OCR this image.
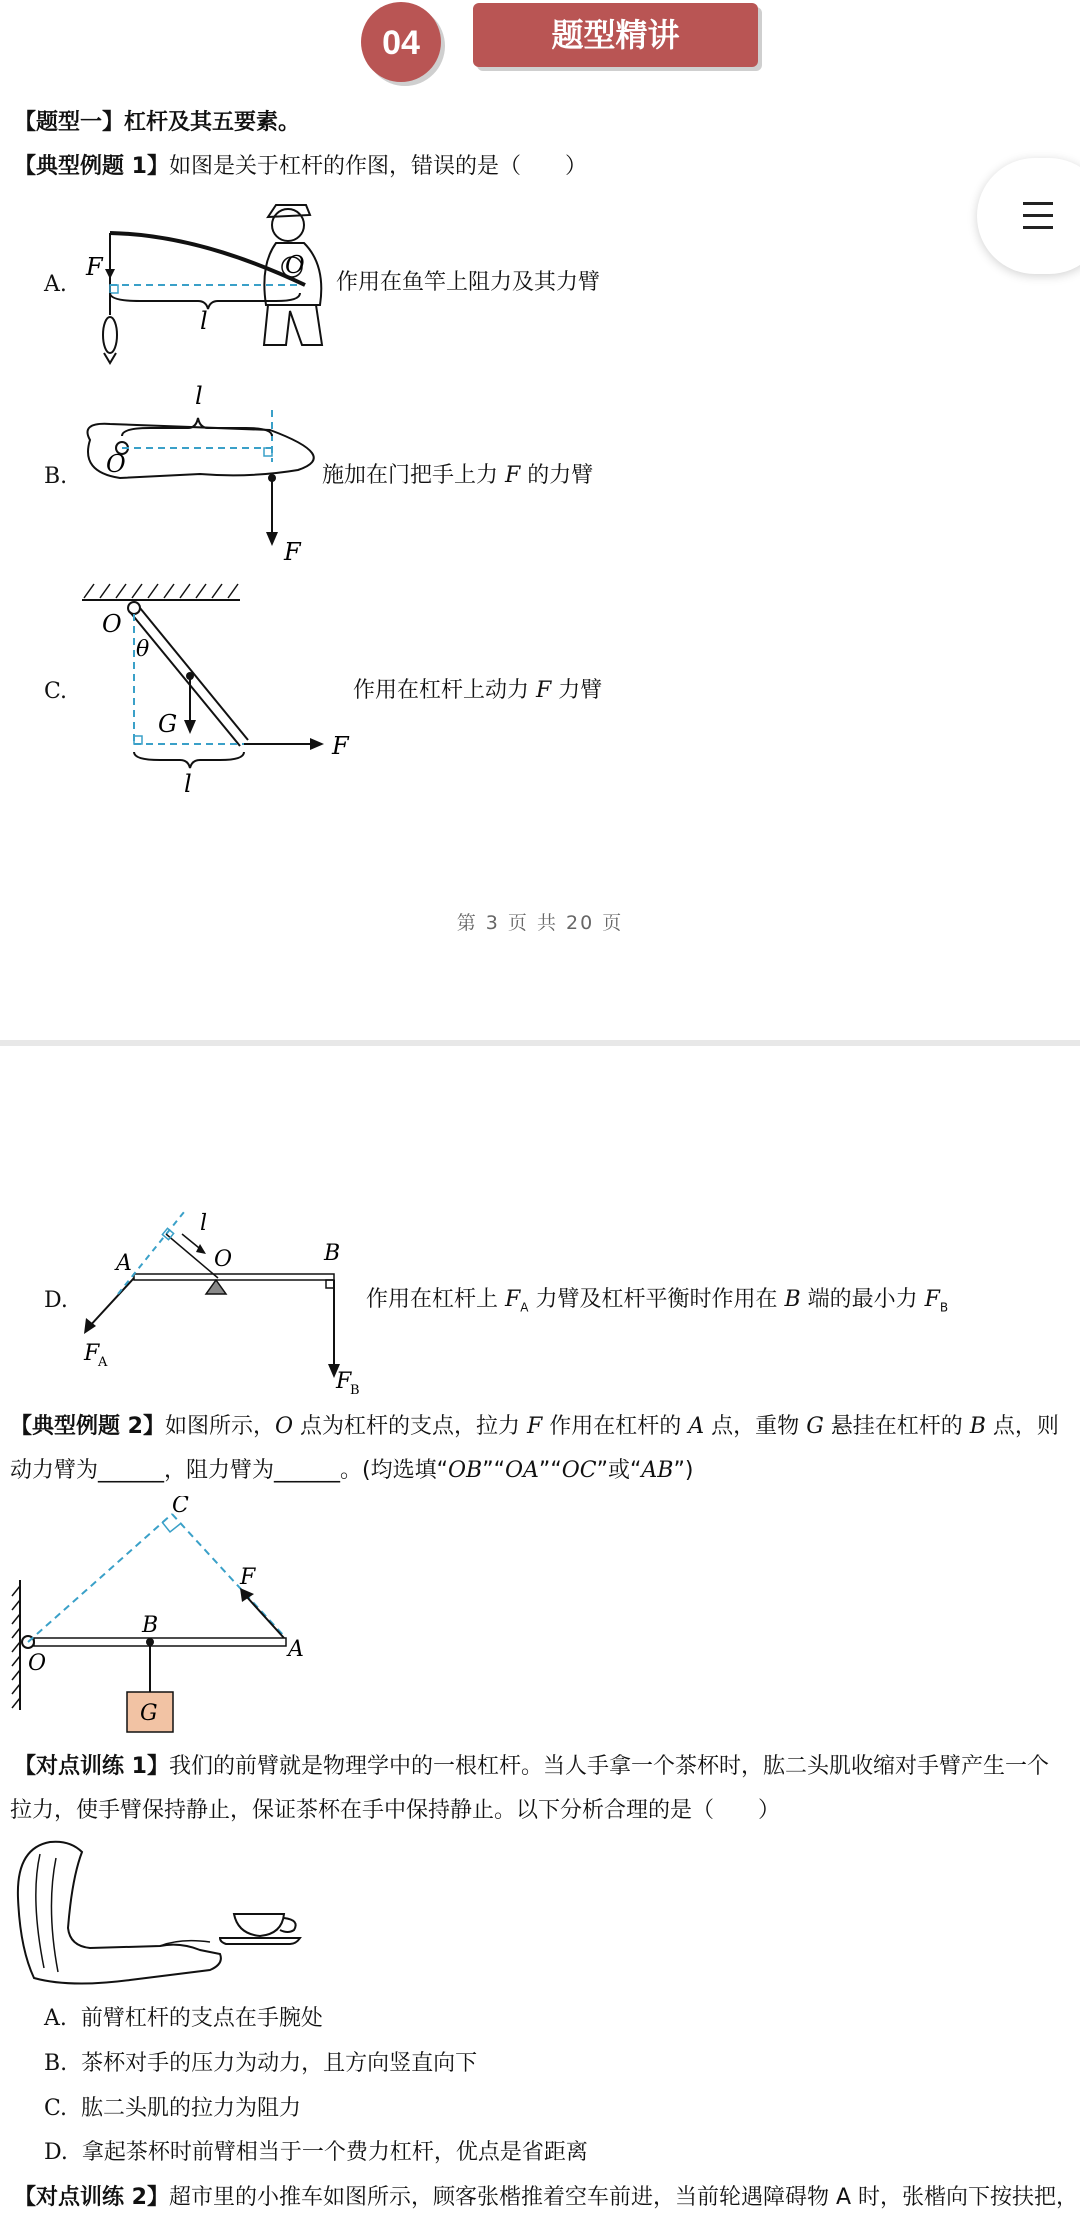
04	题型精讲
【题型一】杠杆及其五要素。
【典型例题 1】如图是关于杠杆的作图，错误的是（　　）
A.
F	O
l
作用在鱼竿上阻力及其力臂
B.
l
O
F
施加在门把手上力 F 的力臂
C.
O
θ
G
F
l
作用在杠杆上动力 F 力臂
第 3 页 共 20 页
D.
l
A	O	B
F
A
F
B
作用在杠杆上 $F_A$ 力臂及杠杆平衡时作用在 B 端的最小力 $F_B$
【典型例题 2】如图所示，O 点为杠杆的支点，拉力 F 作用在杠杆的 A 点，重物 G 悬挂在杠杆的 B 点，则
动力臂为______，阻力臂为______。(均选填“OB”“OA”“OC”或“AB”)
C
F
B
A
O
G
【对点训练 1】我们的前臂就是物理学中的一根杠杆。当人手拿一个茶杯时，肱二头肌收缩对手臂产生一个
拉力，使手臂保持静止，保证茶杯在手中保持静止。以下分析合理的是（　　）
A. 前臂杠杆的支点在手腕处
B. 茶杯对手的压力为动力，且方向竖直向下
C. 肱二头肌的拉力为阻力
D. 拿起茶杯时前臂相当于一个费力杠杆，优点是省距离
【对点训练 2】超市里的小推车如图所示，顾客张楷推着空车前进，当前轮遇障碍物 A 时，张楷向下按扶把，
